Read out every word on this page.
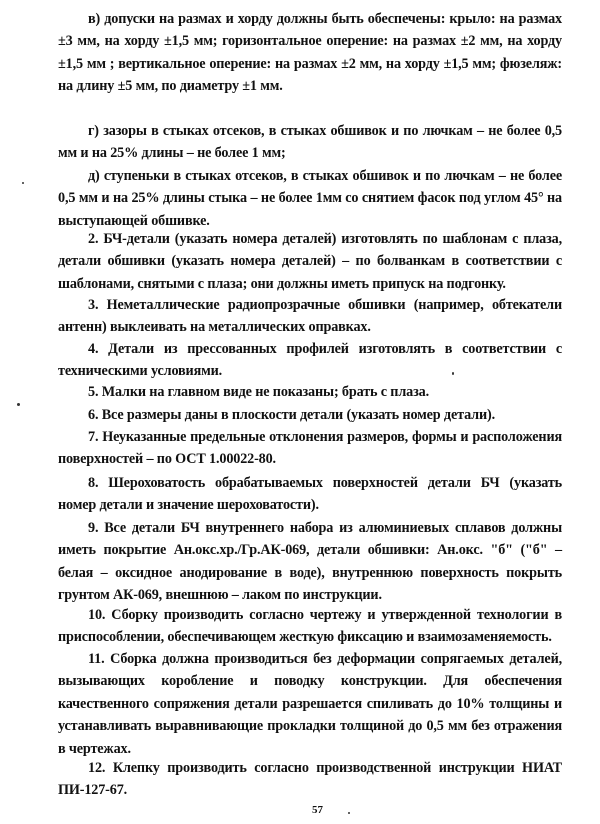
в) допуски на размах и хорду должны быть обеспечены: крыло: на размах ±3 мм, на хорду ±1,5 мм; горизонтальное оперение: на размах ±2 мм, на хорду ±1,5 мм ; вертикальное оперение: на размах ±2 мм, на хорду ±1,5 мм; фюзеляж: на длину ±5 мм, по диаметру ±1 мм.

г) зазоры в стыках отсеков, в стыках обшивок и по лючкам – не более 0,5 мм и на 25% длины – не более 1 мм;

д) ступеньки в стыках отсеков, в стыках обшивок и по лючкам – не более 0,5 мм и на 25% длины стыка – не более 1мм со снятием фасок под углом 45° на выступающей обшивке.

2. БЧ-детали (указать номера деталей) изготовлять по шаблонам с плаза, детали обшивки (указать номера деталей) – по болванкам в соответствии с шаблонами, снятыми с плаза; они должны иметь припуск на подгонку.

3. Неметаллические радиопрозрачные обшивки (например, обтекатели антенн) выклеивать на металлических оправках.

4. Детали из прессованных профилей изготовлять в соответствии с техническими условиями.

5. Малки на главном виде не показаны; брать с плаза.

6. Все размеры даны в плоскости детали (указать номер детали).

7. Неуказанные предельные отклонения размеров, формы и расположения поверхностей – по ОСТ 1.00022-80.

8. Шероховатость обрабатываемых поверхностей детали БЧ (указать номер детали и значение шероховатости).

9. Все детали БЧ внутреннего набора из алюминиевых сплавов должны иметь покрытие Ан.окс.хр./Гр.АК-069, детали обшивки: Ан.окс. "б" ("б" – белая – оксидное анодирование в воде), внутреннюю поверхность покрыть грунтом АК-069, внешнюю – лаком по инструкции.

10. Сборку производить согласно чертежу и утвержденной технологии в приспособлении, обеспечивающем жесткую фиксацию и взаимозаменяемость.

11. Сборка должна производиться без деформации сопрягаемых деталей, вызывающих коробление и поводку конструкции. Для обеспечения качественного сопряжения детали разрешается спиливать до 10% толщины и устанавливать выравнивающие прокладки толщиной до 0,5 мм без отражения в чертежах.

12. Клепку производить согласно производственной инструкции НИАТ ПИ-127-67.

57
